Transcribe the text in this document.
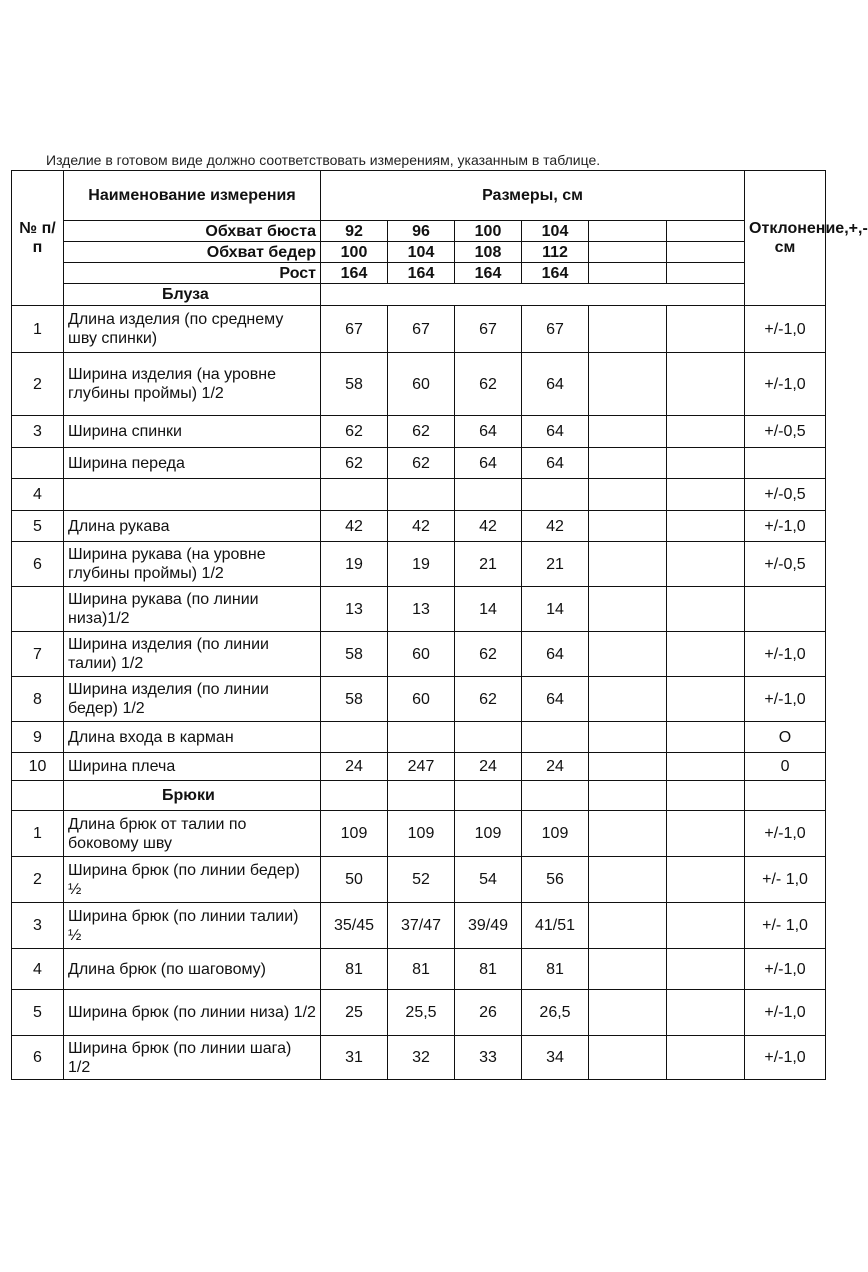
Изделие в готовом виде должно соответствовать измерениям, указанным в таблице.
№ п/п	Наименование измерения	Размеры, см						Отклонение,+,- см
	Обхват бюста	92	96	100	104			
	Обхват бедер	100	104	108	112			
	Рост	164	164	164	164			
	Блуза							
1	Длина изделия (по среднему шву спинки)	67	67	67	67			+/-1,0
2	Ширина изделия (на уровне глубины проймы) 1/2	58	60	62	64			+/-1,0
3	Ширина спинки	62	62	64	64			+/-0,5
	Ширина переда	62	62	64	64			
4								+/-0,5
5	Длина рукава	42	42	42	42			+/-1,0
6	Ширина рукава (на уровне глубины проймы) 1/2	19	19	21	21			+/-0,5
	Ширина рукава (по линии низа)1/2	13	13	14	14			
7	Ширина изделия (по линии талии) 1/2	58	60	62	64			+/-1,0
8	Ширина изделия (по линии бедер) 1/2	58	60	62	64			+/-1,0
9	Длина входа в карман							О
10	Ширина плеча	24	247	24	24			0
	Брюки							
1	Длина брюк от талии по боковому шву	109	109	109	109			+/-1,0
2	Ширина брюк (по линии бедер) ½	50	52	54	56			+/- 1,0
3	Ширина брюк (по линии талии) ½	35/45	37/47	39/49	41/51			+/- 1,0
4	Длина брюк (по шаговому)	81	81	81	81			+/-1,0
5	Ширина брюк (по линии низа) 1/2	25	25,5	26	26,5			+/-1,0
6	Ширина брюк (по линии шага) 1/2	31	32	33	34			+/-1,0
